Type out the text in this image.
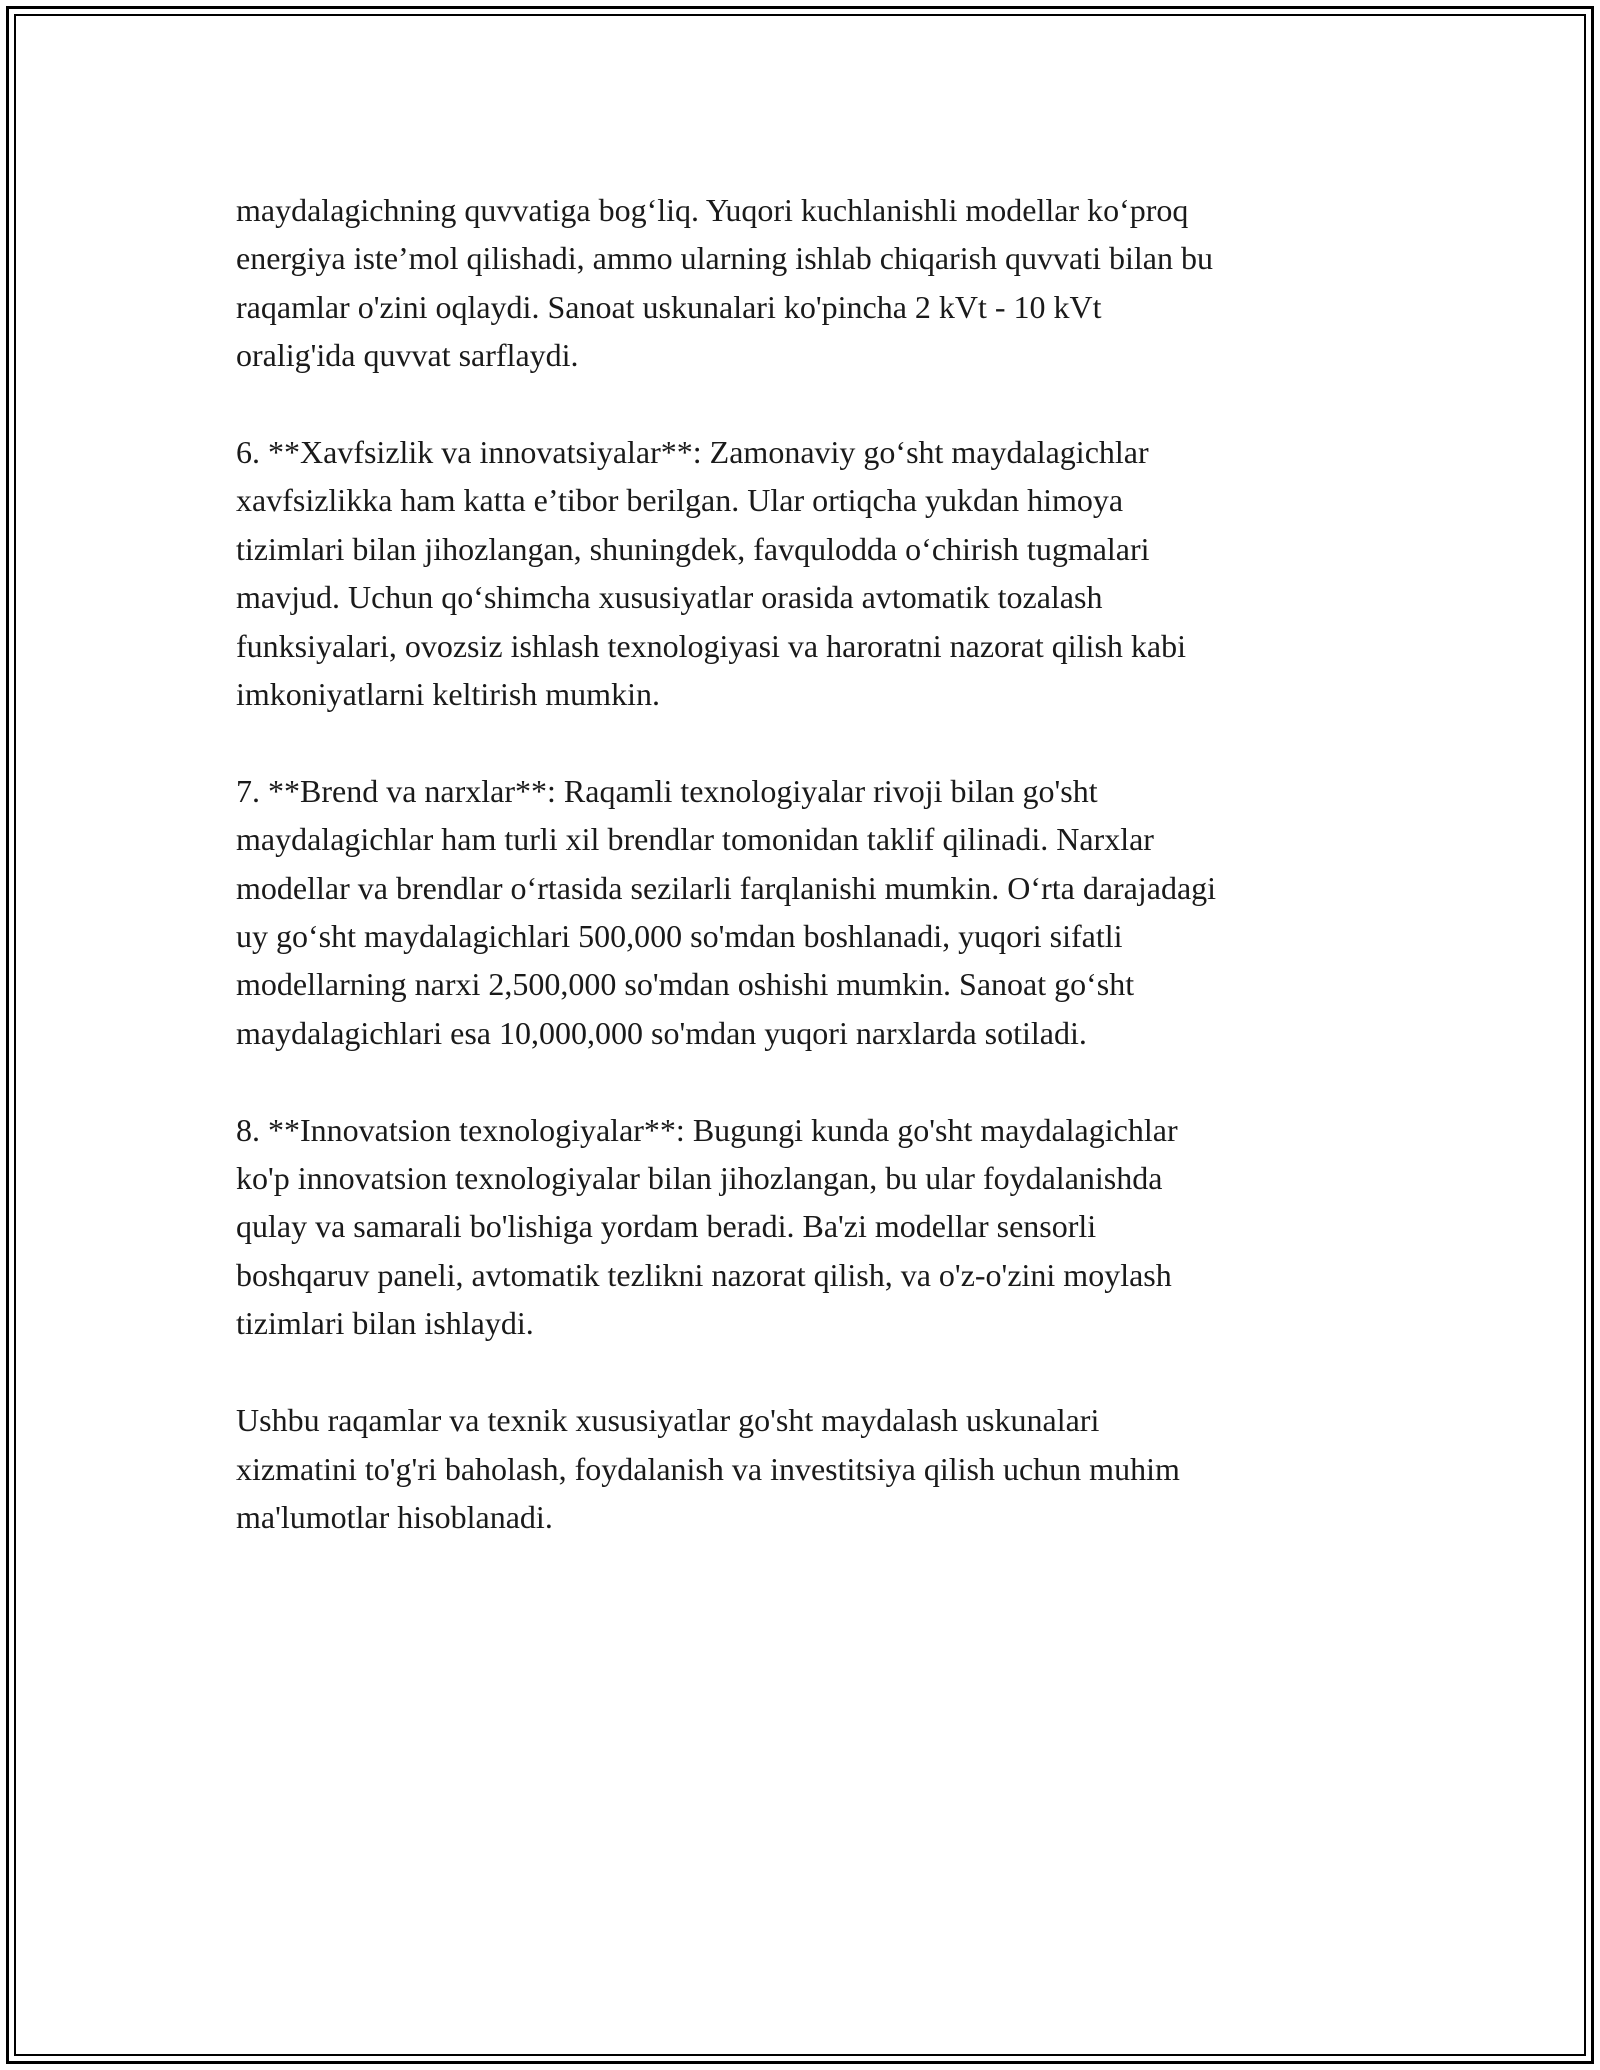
maydalagichning quvvatiga bog‘liq. Yuqori kuchlanishli modellar ko‘proq
energiya iste’mol qilishadi, ammo ularning ishlab chiqarish quvvati bilan bu
raqamlar o'zini oqlaydi. Sanoat uskunalari ko'pincha 2 kVt - 10 kVt
oralig'ida quvvat sarflaydi.

6. **Xavfsizlik va innovatsiyalar**: Zamonaviy go‘sht maydalagichlar
xavfsizlikka ham katta e’tibor berilgan. Ular ortiqcha yukdan himoya
tizimlari bilan jihozlangan, shuningdek, favqulodda o‘chirish tugmalari
mavjud. Uchun qo‘shimcha xususiyatlar orasida avtomatik tozalash
funksiyalari, ovozsiz ishlash texnologiyasi va haroratni nazorat qilish kabi
imkoniyatlarni keltirish mumkin.

7. **Brend va narxlar**: Raqamli texnologiyalar rivoji bilan go'sht
maydalagichlar ham turli xil brendlar tomonidan taklif qilinadi. Narxlar
modellar va brendlar o‘rtasida sezilarli farqlanishi mumkin. O‘rta darajadagi
uy go‘sht maydalagichlari 500,000 so'mdan boshlanadi, yuqori sifatli
modellarning narxi 2,500,000 so'mdan oshishi mumkin. Sanoat go‘sht
maydalagichlari esa 10,000,000 so'mdan yuqori narxlarda sotiladi.

8. **Innovatsion texnologiyalar**: Bugungi kunda go'sht maydalagichlar
ko'p innovatsion texnologiyalar bilan jihozlangan, bu ular foydalanishda
qulay va samarali bo'lishiga yordam beradi. Ba'zi modellar sensorli
boshqaruv paneli, avtomatik tezlikni nazorat qilish, va o'z-o'zini moylash
tizimlari bilan ishlaydi.

Ushbu raqamlar va texnik xususiyatlar go'sht maydalash uskunalari
xizmatini to'g'ri baholash, foydalanish va investitsiya qilish uchun muhim
ma'lumotlar hisoblanadi.
